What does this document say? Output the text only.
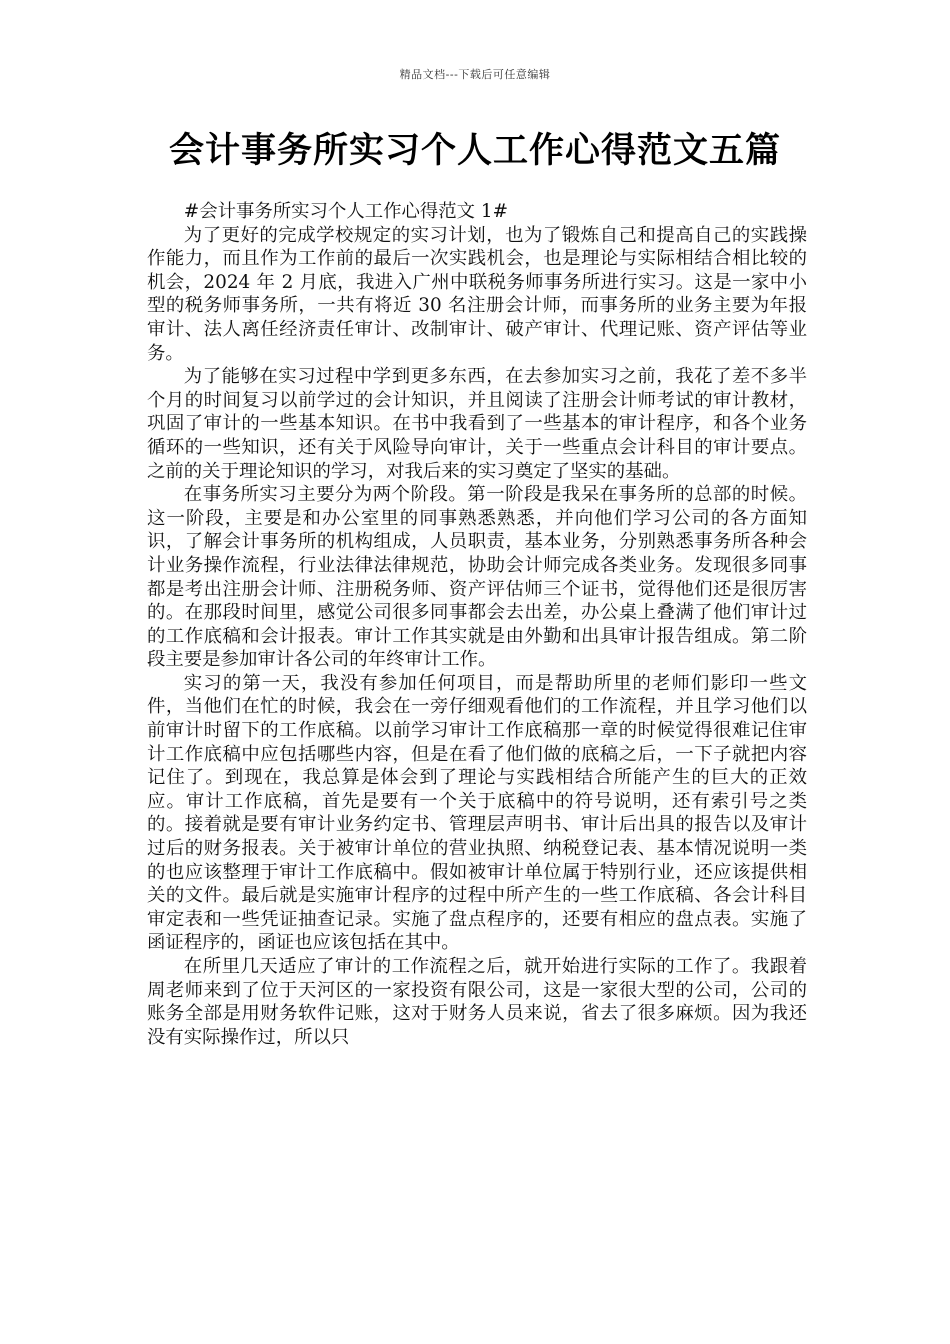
精品文档---下载后可任意编辑
会计事务所实习个人工作心得范文五篇

#会计事务所实习个人工作心得范文 1#

为了更好的完成学校规定的实习计划，也为了锻炼自己和提高自己的实践操作能力，而且作为工作前的最后一次实践机会，也是理论与实际相结合相比较的机会，2024 年 2 月底，我进入广州中联税务师事务所进行实习。这是一家中小型的税务师事务所，一共有将近 30 名注册会计师，而事务所的业务主要为年报审计、法人离任经济责任审计、改制审计、破产审计、代理记账、资产评估等业务。

为了能够在实习过程中学到更多东西，在去参加实习之前，我花了差不多半个月的时间复习以前学过的会计知识，并且阅读了注册会计师考试的审计教材，巩固了审计的一些基本知识。在书中我看到了一些基本的审计程序，和各个业务循环的一些知识，还有关于风险导向审计，关于一些重点会计科目的审计要点。之前的关于理论知识的学习，对我后来的实习奠定了坚实的基础。

在事务所实习主要分为两个阶段。第一阶段是我呆在事务所的总部的时候。这一阶段，主要是和办公室里的同事熟悉熟悉，并向他们学习公司的各方面知识，了解会计事务所的机构组成，人员职责，基本业务，分别熟悉事务所各种会计业务操作流程，行业法律法律规范，协助会计师完成各类业务。发现很多同事都是考出注册会计师、注册税务师、资产评估师三个证书，觉得他们还是很厉害的。在那段时间里，感觉公司很多同事都会去出差，办公桌上叠满了他们审计过的工作底稿和会计报表。审计工作其实就是由外勤和出具审计报告组成。第二阶段主要是参加审计各公司的年终审计工作。

实习的第一天，我没有参加任何项目，而是帮助所里的老师们影印一些文件，当他们在忙的时候，我会在一旁仔细观看他们的工作流程，并且学习他们以前审计时留下的工作底稿。以前学习审计工作底稿那一章的时候觉得很难记住审计工作底稿中应包括哪些内容，但是在看了他们做的底稿之后，一下子就把内容记住了。到现在，我总算是体会到了理论与实践相结合所能产生的巨大的正效应。审计工作底稿，首先是要有一个关于底稿中的符号说明，还有索引号之类的。接着就是要有审计业务约定书、管理层声明书、审计后出具的报告以及审计过后的财务报表。关于被审计单位的营业执照、纳税登记表、基本情况说明一类的也应该整理于审计工作底稿中。假如被审计单位属于特别行业，还应该提供相关的文件。最后就是实施审计程序的过程中所产生的一些工作底稿、各会计科目审定表和一些凭证抽查记录。实施了盘点程序的，还要有相应的盘点表。实施了函证程序的，函证也应该包括在其中。

在所里几天适应了审计的工作流程之后，就开始进行实际的工作了。我跟着周老师来到了位于天河区的一家投资有限公司，这是一家很大型的公司，公司的账务全部是用财务软件记账，这对于财务人员来说，省去了很多麻烦。因为我还没有实际操作过，所以只
